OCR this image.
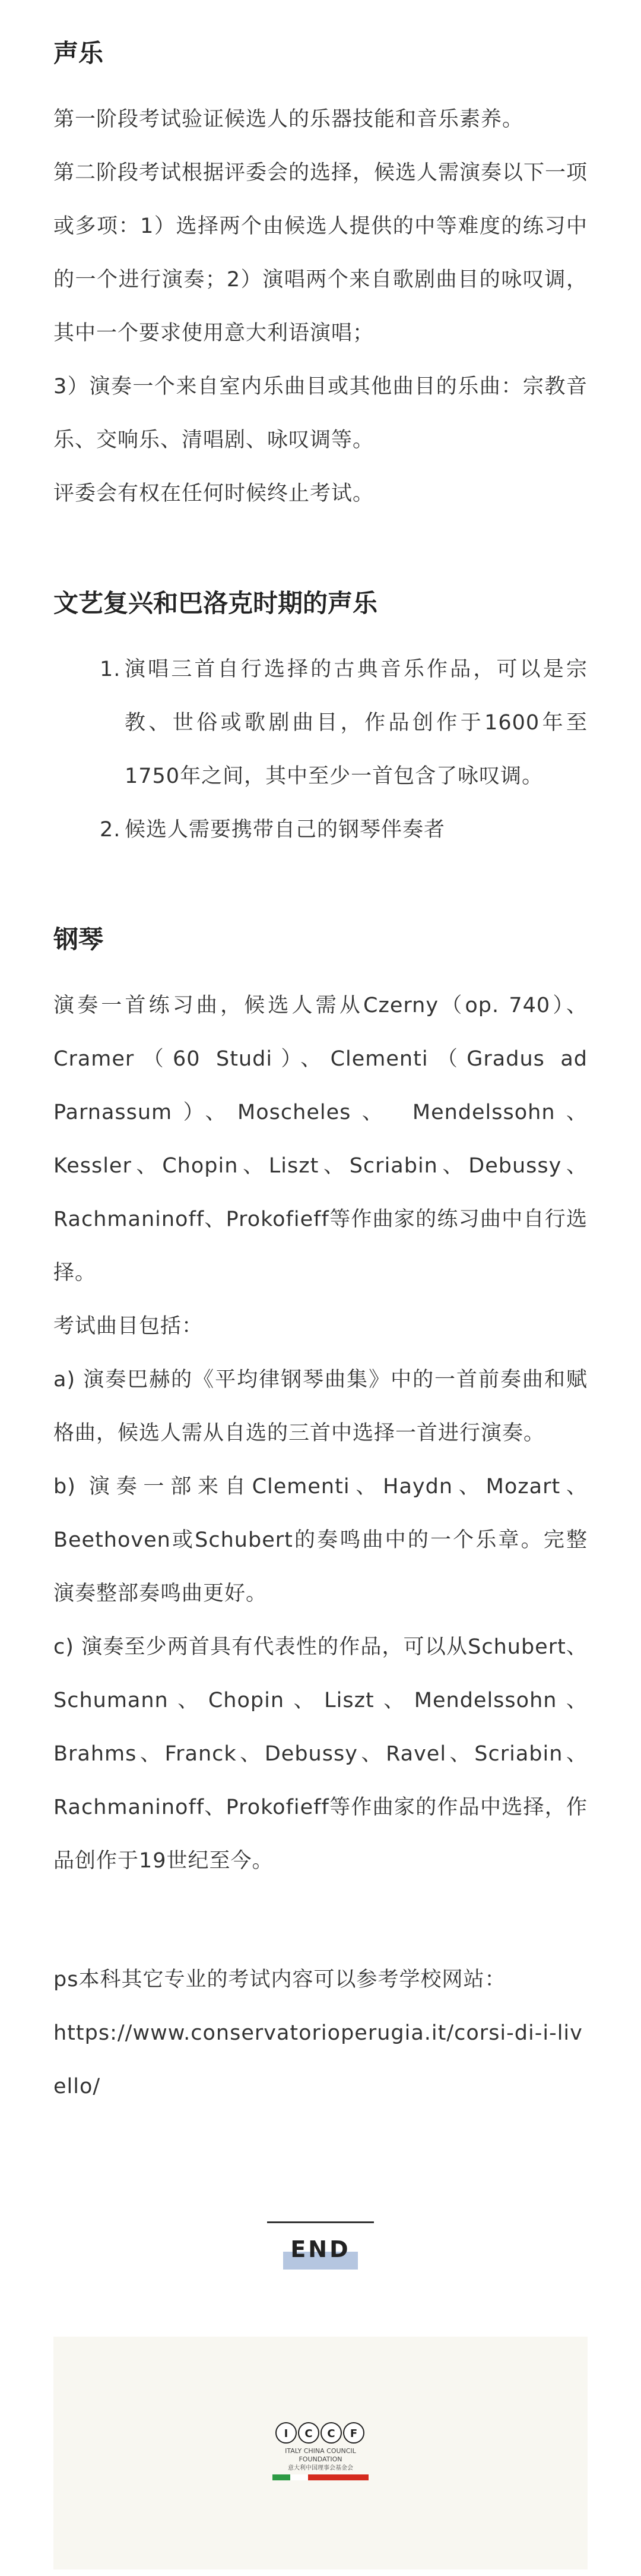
声乐

第一阶段考试验证候选人的乐器技能和音乐素养。

第二阶段考试根据评委会的选择，候选人需演奏以下一项或多项：1）选择两个由候选人提供的中等难度的练习中的一个进行演奏；2）演唱两个来自歌剧曲目的咏叹调，其中一个要求使用意大利语演唱；

3）演奏一个来自室内乐曲目或其他曲目的乐曲：宗教音乐、交响乐、清唱剧、咏叹调等。

评委会有权在任何时候终止考试。

文艺复兴和巴洛克时期的声乐
1. 演唱三首自行选择的古典音乐作品，可以是宗教、世俗或歌剧曲目，作品创作于1600年至1750年之间，其中至少一首包含了咏叹调。
2. 候选人需要携带自己的钢琴伴奏者
钢琴

演奏一首练习曲，候选人需从Czerny（op. 740）、Cramer（60 Studi）、Clementi（Gradus ad Parnassum）、Moscheles、 Mendelssohn、Kessler、Chopin、Liszt、Scriabin、Debussy、Rachmaninoff、Prokofieff等作曲家的练习曲中自行选择。

考试曲目包括：

a) 演奏巴赫的《平均律钢琴曲集》中的一首前奏曲和赋格曲，候选人需从自选的三首中选择一首进行演奏。

b) 演奏一部来自Clementi、Haydn、Mozart、Beethoven或Schubert的奏鸣曲中的一个乐章。完整演奏整部奏鸣曲更好。

c) 演奏至少两首具有代表性的作品，可以从Schubert、Schumann、Chopin、Liszt、Mendelssohn、Brahms、Franck、Debussy、Ravel、Scriabin、Rachmaninoff、Prokofieff等作曲家的作品中选择，作品创作于19世纪至今。

ps本科其它专业的考试内容可以参考学校网站：

https://www.conservatorioperugia.it/corsi-di-i-livello/

END
I C C F
ITALY CHINA COUNCIL
FOUNDATION
意大利中国理事会基金会
